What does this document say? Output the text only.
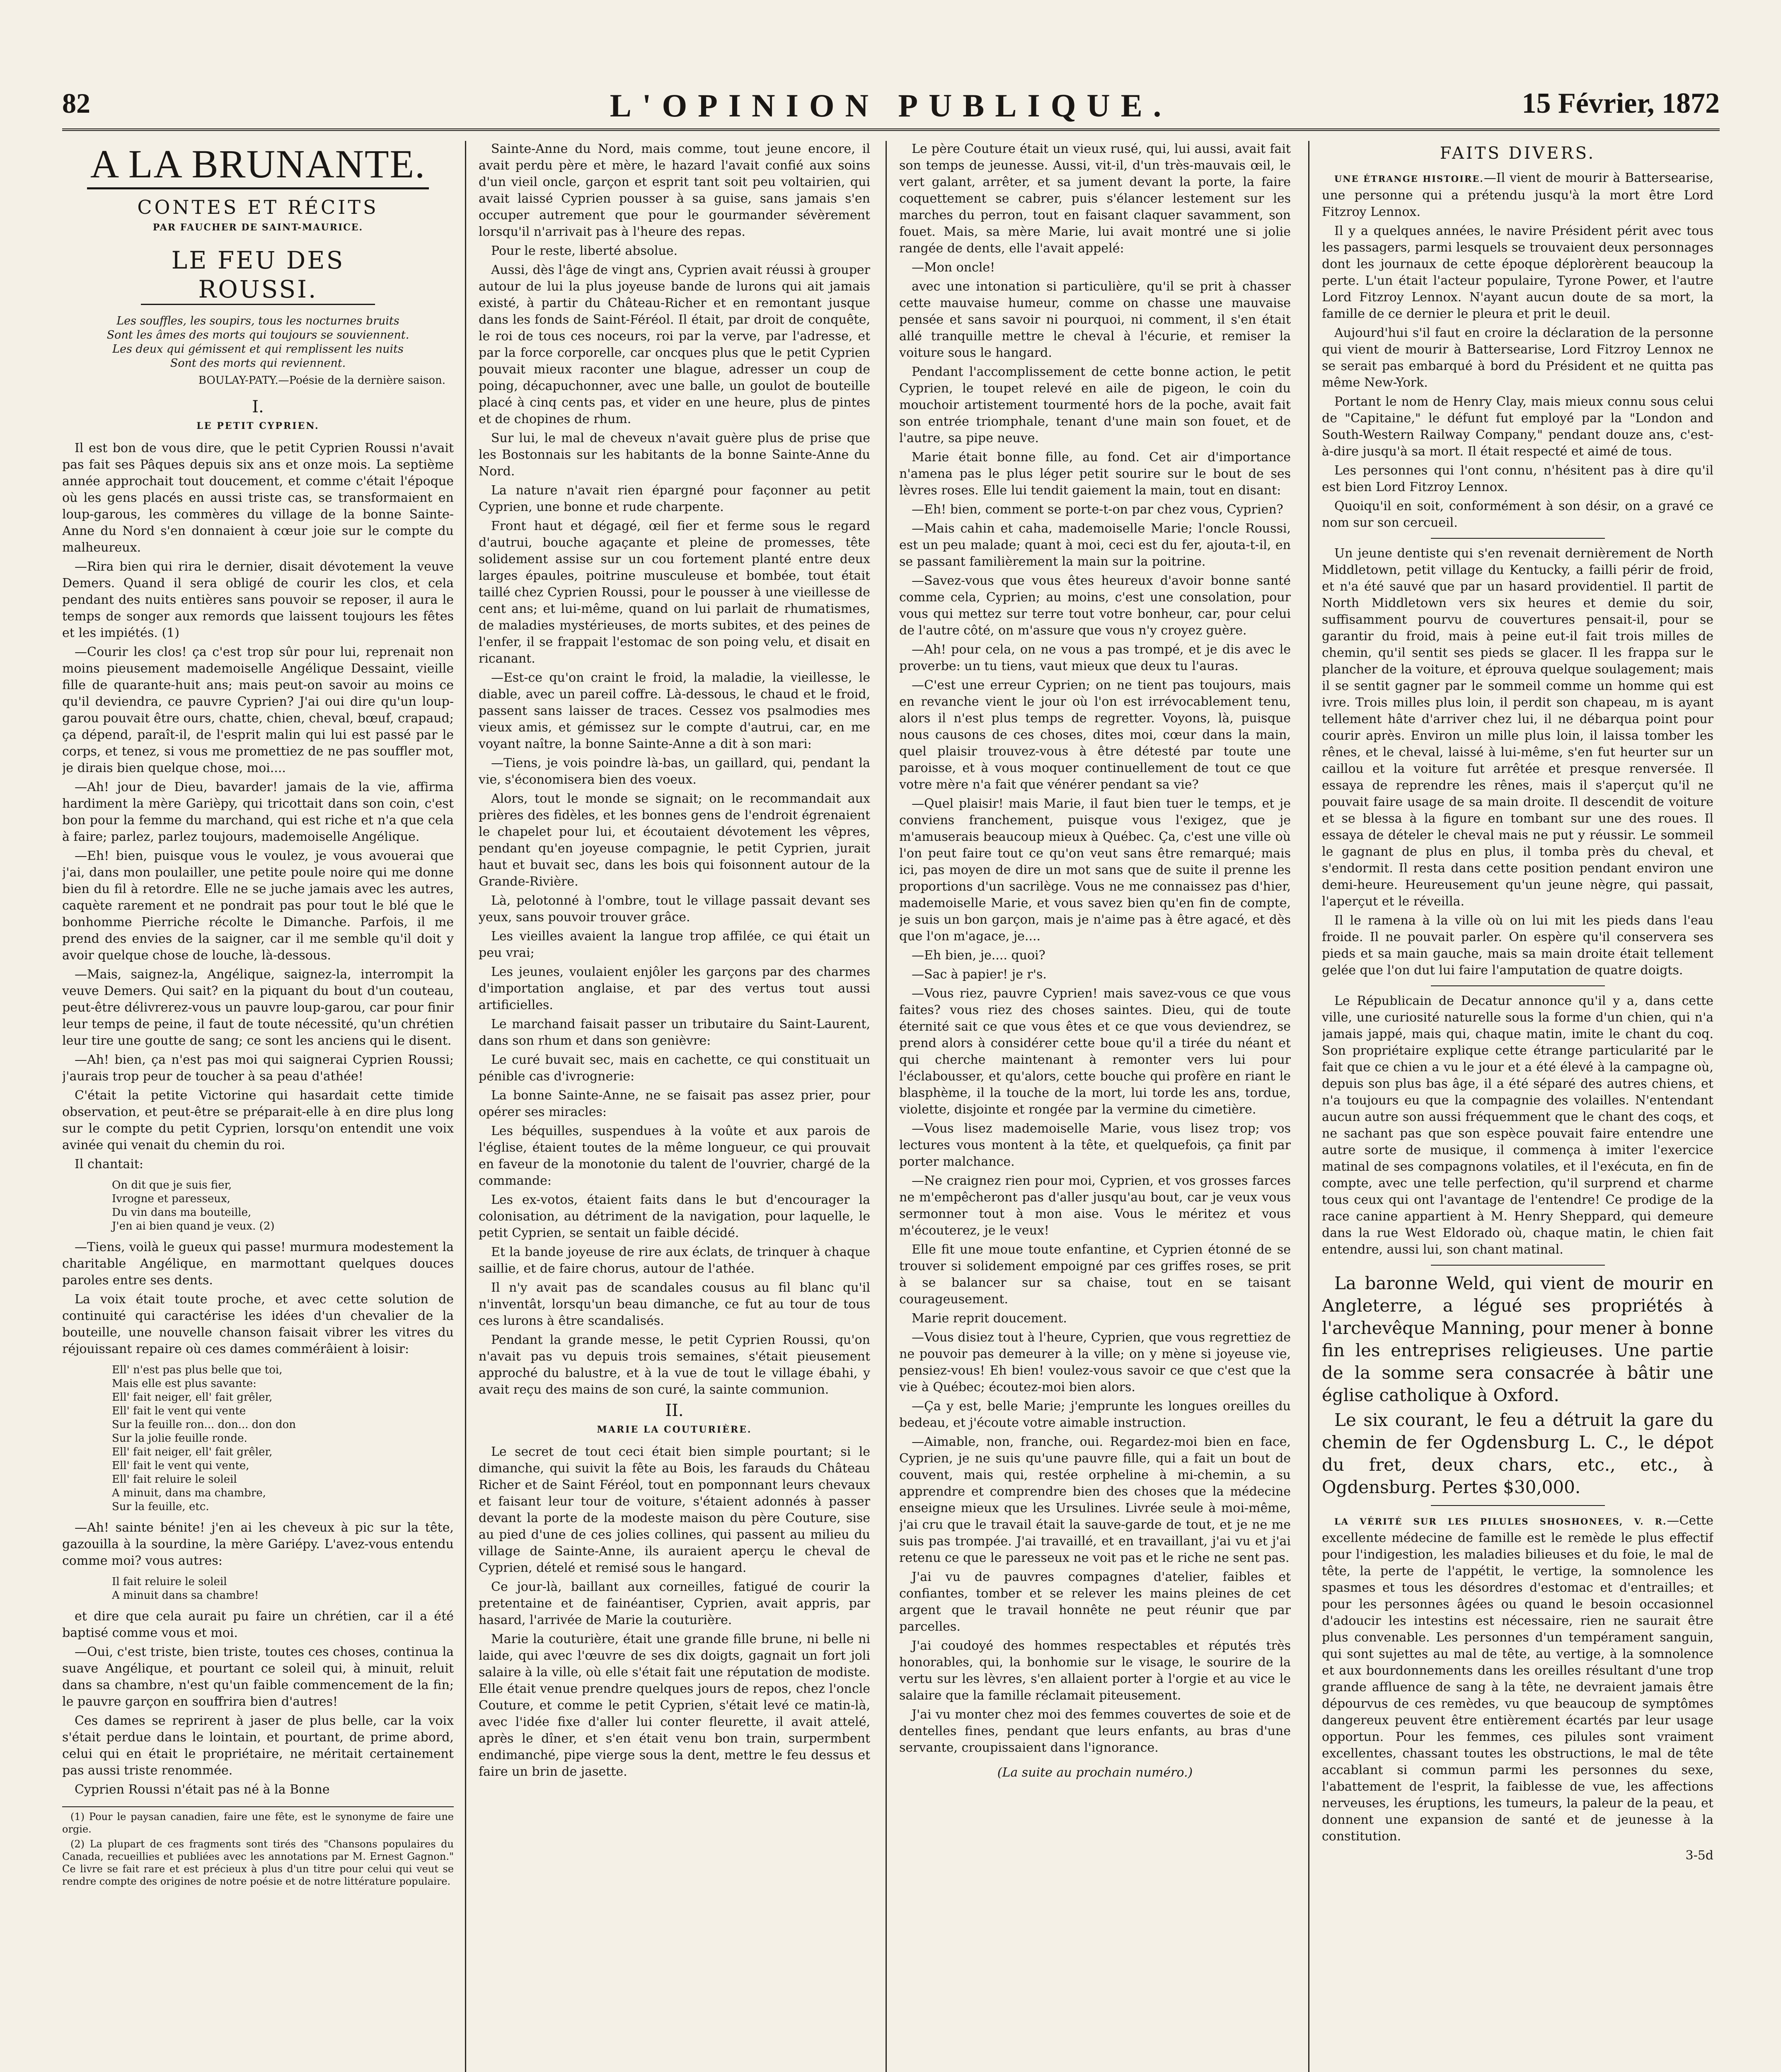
82	L'OPINION PUBLIQUE.	15 Février, 1872
A LA BRUNANTE.
CONTES ET RÉCITS
PAR FAUCHER DE SAINT-MAURICE.
LE FEU DES ROUSSI.
Les souffles, les soupirs, tous les nocturnes bruits
Sont les âmes des morts qui toujours se souviennent.
Les deux qui gémissent et qui remplissent les nuits
Sont des morts qui reviennent.
BOULAY-PATY.—Poésie de la dernière saison.
I.
LE PETIT CYPRIEN.

Il est bon de vous dire, que le petit Cyprien Roussi n'avait pas fait ses Pâques depuis six ans et onze mois. La septième année approchait tout doucement, et comme c'était l'époque où les gens placés en aussi triste cas, se transformaient en loup-garous, les commères du village de la bonne Sainte-Anne du Nord s'en donnaient à cœur joie sur le compte du malheureux.

—Rira bien qui rira le dernier, disait dévotement la veuve Demers. Quand il sera obligé de courir les clos, et cela pendant des nuits entières sans pouvoir se reposer, il aura le temps de songer aux remords que laissent toujours les fêtes et les impiétés. (1)

—Courir les clos! ça c'est trop sûr pour lui, reprenait non moins pieusement mademoiselle Angélique Dessaint, vieille fille de quarante-huit ans; mais peut-on savoir au moins ce qu'il deviendra, ce pauvre Cyprien? J'ai oui dire qu'un loup-garou pouvait être ours, chatte, chien, cheval, bœuf, crapaud; ça dépend, paraît-il, de l'esprit malin qui lui est passé par le corps, et tenez, si vous me promettiez de ne pas souffler mot, je dirais bien quelque chose, moi....

—Ah! jour de Dieu, bavarder! jamais de la vie, affirma hardiment la mère Garièpy, qui tricottait dans son coin, c'est bon pour la femme du marchand, qui est riche et n'a que cela à faire; parlez, parlez toujours, mademoiselle Angélique.

—Eh! bien, puisque vous le voulez, je vous avouerai que j'ai, dans mon poulailler, une petite poule noire qui me donne bien du fil à retordre. Elle ne se juche jamais avec les autres, caquète rarement et ne pondrait pas pour tout le blé que le bonhomme Pierriche récolte le Dimanche. Parfois, il me prend des envies de la saigner, car il me semble qu'il doit y avoir quelque chose de louche, là-dessous.

—Mais, saignez-la, Angélique, saignez-la, interrompit la veuve Demers. Qui sait? en la piquant du bout d'un couteau, peut-être délivrerez-vous un pauvre loup-garou, car pour finir leur temps de peine, il faut de toute nécessité, qu'un chrétien leur tire une goutte de sang; ce sont les anciens qui le disent.

—Ah! bien, ça n'est pas moi qui saignerai Cyprien Roussi; j'aurais trop peur de toucher à sa peau d'athée!

C'était la petite Victorine qui hasardait cette timide observation, et peut-être se préparait-elle à en dire plus long sur le compte du petit Cyprien, lorsqu'on entendit une voix avinée qui venait du chemin du roi.

Il chantait:

On dit que je suis fier,
Ivrogne et paresseux,
Du vin dans ma bouteille,
J'en ai bien quand je veux. (2)

—Tiens, voilà le gueux qui passe! murmura modestement la charitable Angélique, en marmottant quelques douces paroles entre ses dents.

La voix était toute proche, et avec cette solution de continuité qui caractérise les idées d'un chevalier de la bouteille, une nouvelle chanson faisait vibrer les vitres du réjouissant repaire où ces dames commérâient à loisir:

Ell' n'est pas plus belle que toi,
Mais elle est plus savante:
Ell' fait neiger, ell' fait grêler,
Ell' fait le vent qui vente
Sur la feuille ron... don... don don
Sur la jolie feuille ronde.
Ell' fait neiger, ell' fait grêler,
Ell' fait le vent qui vente,
Ell' fait reluire le soleil
A minuit, dans ma chambre,
Sur la feuille, etc.

—Ah! sainte bénite! j'en ai les cheveux à pic sur la tête, gazouilla à la sourdine, la mère Gariépy. L'avez-vous entendu comme moi? vous autres:

Il fait reluire le soleil
A minuit dans sa chambre!

et dire que cela aurait pu faire un chrétien, car il a été baptisé comme vous et moi.

—Oui, c'est triste, bien triste, toutes ces choses, continua la suave Angélique, et pourtant ce soleil qui, à minuit, reluit dans sa chambre, n'est qu'un faible commencement de la fin; le pauvre garçon en souffrira bien d'autres!

Ces dames se reprirent à jaser de plus belle, car la voix s'était perdue dans le lointain, et pourtant, de prime abord, celui qui en était le propriétaire, ne méritait certainement pas aussi triste renommée.

Cyprien Roussi n'était pas né à la Bonne

(1) Pour le paysan canadien, faire une fête, est le synonyme de faire une orgie.

(2) La plupart de ces fragments sont tirés des "Chansons populaires du Canada, recueillies et publiées avec les annotations par M. Ernest Gagnon." Ce livre se fait rare et est précieux à plus d'un titre pour celui qui veut se rendre compte des origines de notre poésie et de notre littérature populaire.

Sainte-Anne du Nord, mais comme, tout jeune encore, il avait perdu père et mère, le hazard l'avait confié aux soins d'un vieil oncle, garçon et esprit tant soit peu voltairien, qui avait laissé Cyprien pousser à sa guise, sans jamais s'en occuper autrement que pour le gourmander sévèrement lorsqu'il n'arrivait pas à l'heure des repas.

Pour le reste, liberté absolue.

Aussi, dès l'âge de vingt ans, Cyprien avait réussi à grouper autour de lui la plus joyeuse bande de lurons qui ait jamais existé, à partir du Château-Richer et en remontant jusque dans les fonds de Saint-Féréol. Il était, par droit de conquête, le roi de tous ces noceurs, roi par la verve, par l'adresse, et par la force corporelle, car oncques plus que le petit Cyprien pouvait mieux raconter une blague, adresser un coup de poing, décapuchonner, avec une balle, un goulot de bouteille placé à cinq cents pas, et vider en une heure, plus de pintes et de chopines de rhum.

Sur lui, le mal de cheveux n'avait guère plus de prise que les Bostonnais sur les habitants de la bonne Sainte-Anne du Nord.

La nature n'avait rien épargné pour façonner au petit Cyprien, une bonne et rude charpente.

Front haut et dégagé, œil fier et ferme sous le regard d'autrui, bouche agaçante et pleine de promesses, tête solidement assise sur un cou fortement planté entre deux larges épaules, poitrine musculeuse et bombée, tout était taillé chez Cyprien Roussi, pour le pousser à une vieillesse de cent ans; et lui-même, quand on lui parlait de rhumatismes, de maladies mystérieuses, de morts subites, et des peines de l'enfer, il se frappait l'estomac de son poing velu, et disait en ricanant.

—Est-ce qu'on craint le froid, la maladie, la vieillesse, le diable, avec un pareil coffre. Là-dessous, le chaud et le froid, passent sans laisser de traces. Cessez vos psalmodies mes vieux amis, et gémissez sur le compte d'autrui, car, en me voyant naître, la bonne Sainte-Anne a dit à son mari:

—Tiens, je vois poindre là-bas, un gaillard, qui, pendant la vie, s'économisera bien des voeux.

Alors, tout le monde se signait; on le recommandait aux prières des fidèles, et les bonnes gens de l'endroit égrenaient le chapelet pour lui, et écoutaient dévotement les vêpres, pendant qu'en joyeuse compagnie, le petit Cyprien, jurait haut et buvait sec, dans les bois qui foisonnent autour de la Grande-Rivière.

Là, pelotonné à l'ombre, tout le village passait devant ses yeux, sans pouvoir trouver grâce.

Les vieilles avaient la langue trop affilée, ce qui était un peu vrai;

Les jeunes, voulaient enjôler les garçons par des charmes d'importation anglaise, et par des vertus tout aussi artificielles.

Le marchand faisait passer un tributaire du Saint-Laurent, dans son rhum et dans son genièvre:

Le curé buvait sec, mais en cachette, ce qui constituait un pénible cas d'ivrognerie:

La bonne Sainte-Anne, ne se faisait pas assez prier, pour opérer ses miracles:

Les béquilles, suspendues à la voûte et aux parois de l'église, étaient toutes de la même longueur, ce qui prouvait en faveur de la monotonie du talent de l'ouvrier, chargé de la commande:

Les ex-votos, étaient faits dans le but d'encourager la colonisation, au détriment de la navigation, pour laquelle, le petit Cyprien, se sentait un faible décidé.

Et la bande joyeuse de rire aux éclats, de trinquer à chaque saillie, et de faire chorus, autour de l'athée.

Il n'y avait pas de scandales cousus au fil blanc qu'il n'inventât, lorsqu'un beau dimanche, ce fut au tour de tous ces lurons à être scandalisés.

Pendant la grande messe, le petit Cyprien Roussi, qu'on n'avait pas vu depuis trois semaines, s'était pieusement approché du balustre, et à la vue de tout le village ébahi, y avait reçu des mains de son curé, la sainte communion.

II.
MARIE LA COUTURIÈRE.

Le secret de tout ceci était bien simple pourtant; si le dimanche, qui suivit la fête au Bois, les farauds du Château Richer et de Saint Féréol, tout en pomponnant leurs chevaux et faisant leur tour de voiture, s'étaient adonnés à passer devant la porte de la modeste maison du père Couture, sise au pied d'une de ces jolies collines, qui passent au milieu du village de Sainte-Anne, ils auraient aperçu le cheval de Cyprien, dételé et remisé sous le hangard.

Ce jour-là, baillant aux corneilles, fatigué de courir la pretentaine et de fainéantiser, Cyprien, avait appris, par hasard, l'arrivée de Marie la couturière.

Marie la couturière, était une grande fille brune, ni belle ni laide, qui avec l'œuvre de ses dix doigts, gagnait un fort joli salaire à la ville, où elle s'était fait une réputation de modiste. Elle était venue prendre quelques jours de repos, chez l'oncle Couture, et comme le petit Cyprien, s'était levé ce matin-là, avec l'idée fixe d'aller lui conter fleurette, il avait attelé, après le dîner, et s'en était venu bon train, surpermbent endimanché, pipe vierge sous la dent, mettre le feu dessus et faire un brin de jasette.

Le père Couture était un vieux rusé, qui, lui aussi, avait fait son temps de jeunesse. Aussi, vit-il, d'un très-mauvais œil, le vert galant, arrêter, et sa jument devant la porte, la faire coquettement se cabrer, puis s'élancer lestement sur les marches du perron, tout en faisant claquer savamment, son fouet. Mais, sa mère Marie, lui avait montré une si jolie rangée de dents, elle l'avait appelé:

—Mon oncle!

avec une intonation si particulière, qu'il se prit à chasser cette mauvaise humeur, comme on chasse une mauvaise pensée et sans savoir ni pourquoi, ni comment, il s'en était allé tranquille mettre le cheval à l'écurie, et remiser la voiture sous le hangard.

Pendant l'accomplissement de cette bonne action, le petit Cyprien, le toupet relevé en aile de pigeon, le coin du mouchoir artistement tourmenté hors de la poche, avait fait son entrée triomphale, tenant d'une main son fouet, et de l'autre, sa pipe neuve.

Marie était bonne fille, au fond. Cet air d'importance n'amena pas le plus léger petit sourire sur le bout de ses lèvres roses. Elle lui tendit gaiement la main, tout en disant:

—Eh! bien, comment se porte-t-on par chez vous, Cyprien?

—Mais cahin et caha, mademoiselle Marie; l'oncle Roussi, est un peu malade; quant à moi, ceci est du fer, ajouta-t-il, en se passant familièrement la main sur la poitrine.

—Savez-vous que vous êtes heureux d'avoir bonne santé comme cela, Cyprien; au moins, c'est une consolation, pour vous qui mettez sur terre tout votre bonheur, car, pour celui de l'autre côté, on m'assure que vous n'y croyez guère.

—Ah! pour cela, on ne vous a pas trompé, et je dis avec le proverbe: un tu tiens, vaut mieux que deux tu l'auras.

—C'est une erreur Cyprien; on ne tient pas toujours, mais en revanche vient le jour où l'on est irrévocablement tenu, alors il n'est plus temps de regretter. Voyons, là, puisque nous causons de ces choses, dites moi, cœur dans la main, quel plaisir trouvez-vous à être détesté par toute une paroisse, et à vous moquer continuellement de tout ce que votre mère n'a fait que vénérer pendant sa vie?

—Quel plaisir! mais Marie, il faut bien tuer le temps, et je conviens franchement, puisque vous l'exigez, que je m'amuserais beaucoup mieux à Québec. Ça, c'est une ville où l'on peut faire tout ce qu'on veut sans être remarqué; mais ici, pas moyen de dire un mot sans que de suite il prenne les proportions d'un sacrilège. Vous ne me connaissez pas d'hier, mademoiselle Marie, et vous savez bien qu'en fin de compte, je suis un bon garçon, mais je n'aime pas à être agacé, et dès que l'on m'agace, je....

—Eh bien, je.... quoi?

—Sac à papier! je r's.

—Vous riez, pauvre Cyprien! mais savez-vous ce que vous faites? vous riez des choses saintes. Dieu, qui de toute éternité sait ce que vous êtes et ce que vous deviendrez, se prend alors à considérer cette boue qu'il a tirée du néant et qui cherche maintenant à remonter vers lui pour l'éclabousser, et qu'alors, cette bouche qui profère en riant le blasphème, il la touche de la mort, lui torde les ans, tordue, violette, disjointe et rongée par la vermine du cimetière.

—Vous lisez mademoiselle Marie, vous lisez trop; vos lectures vous montent à la tête, et quelquefois, ça finit par porter malchance.

—Ne craignez rien pour moi, Cyprien, et vos grosses farces ne m'empêcheront pas d'aller jusqu'au bout, car je veux vous sermonner tout à mon aise. Vous le méritez et vous m'écouterez, je le veux!

Elle fit une moue toute enfantine, et Cyprien étonné de se trouver si solidement empoigné par ces griffes roses, se prit à se balancer sur sa chaise, tout en se taisant courageusement.

Marie reprit doucement.

—Vous disiez tout à l'heure, Cyprien, que vous regrettiez de ne pouvoir pas demeurer à la ville; on y mène si joyeuse vie, pensiez-vous! Eh bien! voulez-vous savoir ce que c'est que la vie à Québec; écoutez-moi bien alors.

—Ça y est, belle Marie; j'emprunte les longues oreilles du bedeau, et j'écoute votre aimable instruction.

—Aimable, non, franche, oui. Regardez-moi bien en face, Cyprien, je ne suis qu'une pauvre fille, qui a fait un bout de couvent, mais qui, restée orpheline à mi-chemin, a su apprendre et comprendre bien des choses que la médecine enseigne mieux que les Ursulines. Livrée seule à moi-même, j'ai cru que le travail était la sauve-garde de tout, et je ne me suis pas trompée. J'ai travaillé, et en travaillant, j'ai vu et j'ai retenu ce que le paresseux ne voit pas et le riche ne sent pas.

J'ai vu de pauvres compagnes d'atelier, faibles et confiantes, tomber et se relever les mains pleines de cet argent que le travail honnête ne peut réunir que par parcelles.

J'ai coudoyé des hommes respectables et réputés très honorables, qui, la bonhomie sur le visage, le sourire de la vertu sur les lèvres, s'en allaient porter à l'orgie et au vice le salaire que la famille réclamait piteusement.

J'ai vu monter chez moi des femmes couvertes de soie et de dentelles fines, pendant que leurs enfants, au bras d'une servante, croupissaient dans l'ignorance.

(La suite au prochain numéro.)
FAITS DIVERS.

UNE ÉTRANGE HISTOIRE.—Il vient de mourir à Battersearise, une personne qui a prétendu jusqu'à la mort être Lord Fitzroy Lennox.

Il y a quelques années, le navire Président périt avec tous les passagers, parmi lesquels se trouvaient deux personnages dont les journaux de cette époque déplorèrent beaucoup la perte. L'un était l'acteur populaire, Tyrone Power, et l'autre Lord Fitzroy Lennox. N'ayant aucun doute de sa mort, la famille de ce dernier le pleura et prit le deuil.

Aujourd'hui s'il faut en croire la déclaration de la personne qui vient de mourir à Battersearise, Lord Fitzroy Lennox ne se serait pas embarqué à bord du Président et ne quitta pas même New-York.

Portant le nom de Henry Clay, mais mieux connu sous celui de "Capitaine," le défunt fut employé par la "London and South-Western Railway Company," pendant douze ans, c'est-à-dire jusqu'à sa mort. Il était respecté et aimé de tous.

Les personnes qui l'ont connu, n'hésitent pas à dire qu'il est bien Lord Fitzroy Lennox.

Quoiqu'il en soit, conformément à son désir, on a gravé ce nom sur son cercueil.

Un jeune dentiste qui s'en revenait dernièrement de North Middletown, petit village du Kentucky, a failli périr de froid, et n'a été sauvé que par un hasard providentiel. Il partit de North Middletown vers six heures et demie du soir, suffisamment pourvu de couvertures pensait-il, pour se garantir du froid, mais à peine eut-il fait trois milles de chemin, qu'il sentit ses pieds se glacer. Il les frappa sur le plancher de la voiture, et éprouva quelque soulagement; mais il se sentit gagner par le sommeil comme un homme qui est ivre. Trois milles plus loin, il perdit son chapeau, m is ayant tellement hâte d'arriver chez lui, il ne débarqua point pour courir après. Environ un mille plus loin, il laissa tomber les rênes, et le cheval, laissé à lui-même, s'en fut heurter sur un caillou et la voiture fut arrêtée et presque renversée. Il essaya de reprendre les rênes, mais il s'aperçut qu'il ne pouvait faire usage de sa main droite. Il descendit de voiture et se blessa à la figure en tombant sur une des roues. Il essaya de dételer le cheval mais ne put y réussir. Le sommeil le gagnant de plus en plus, il tomba près du cheval, et s'endormit. Il resta dans cette position pendant environ une demi-heure. Heureusement qu'un jeune nègre, qui passait, l'aperçut et le réveilla.

Il le ramena à la ville où on lui mit les pieds dans l'eau froide. Il ne pouvait parler. On espère qu'il conservera ses pieds et sa main gauche, mais sa main droite était tellement gelée que l'on dut lui faire l'amputation de quatre doigts.

Le Républicain de Decatur annonce qu'il y a, dans cette ville, une curiosité naturelle sous la forme d'un chien, qui n'a jamais jappé, mais qui, chaque matin, imite le chant du coq. Son propriétaire explique cette étrange particularité par le fait que ce chien a vu le jour et a été élevé à la campagne où, depuis son plus bas âge, il a été séparé des autres chiens, et n'a toujours eu que la compagnie des volailles. N'entendant aucun autre son aussi fréquemment que le chant des coqs, et ne sachant pas que son espèce pouvait faire entendre une autre sorte de musique, il commença à imiter l'exercice matinal de ses compagnons volatiles, et il l'exécuta, en fin de compte, avec une telle perfection, qu'il surprend et charme tous ceux qui ont l'avantage de l'entendre! Ce prodige de la race canine appartient à M. Henry Sheppard, qui demeure dans la rue West Eldorado où, chaque matin, le chien fait entendre, aussi lui, son chant matinal.

La baronne Weld, qui vient de mourir en Angleterre, a légué ses propriétés à l'archevêque Manning, pour mener à bonne fin les entreprises religieuses. Une partie de la somme sera consacrée à bâtir une église catholique à Oxford.

Le six courant, le feu a détruit la gare du chemin de fer Ogdensburg L. C., le dépot du fret, deux chars, etc., etc., à Ogdensburg. Pertes $30,000.

LA VÉRITÉ SUR LES PILULES SHOSHONEES, V. R.—Cette excellente médecine de famille est le remède le plus effectif pour l'indigestion, les maladies bilieuses et du foie, le mal de tête, la perte de l'appétit, le vertige, la somnolence les spasmes et tous les désordres d'estomac et d'entrailles; et pour les personnes âgées ou quand le besoin occasionnel d'adoucir les intestins est nécessaire, rien ne saurait être plus convenable. Les personnes d'un tempérament sanguin, qui sont sujettes au mal de tête, au vertige, à la somnolence et aux bourdonnements dans les oreilles résultant d'une trop grande affluence de sang à la tête, ne devraient jamais être dépourvus de ces remèdes, vu que beaucoup de symptômes dangereux peuvent être entièrement écartés par leur usage opportun. Pour les femmes, ces pilules sont vraiment excellentes, chassant toutes les obstructions, le mal de tête accablant si commun parmi les personnes du sexe, l'abattement de l'esprit, la faiblesse de vue, les affections nerveuses, les éruptions, les tumeurs, la paleur de la peau, et donnent une expansion de santé et de jeunesse à la constitution.

3-5d
